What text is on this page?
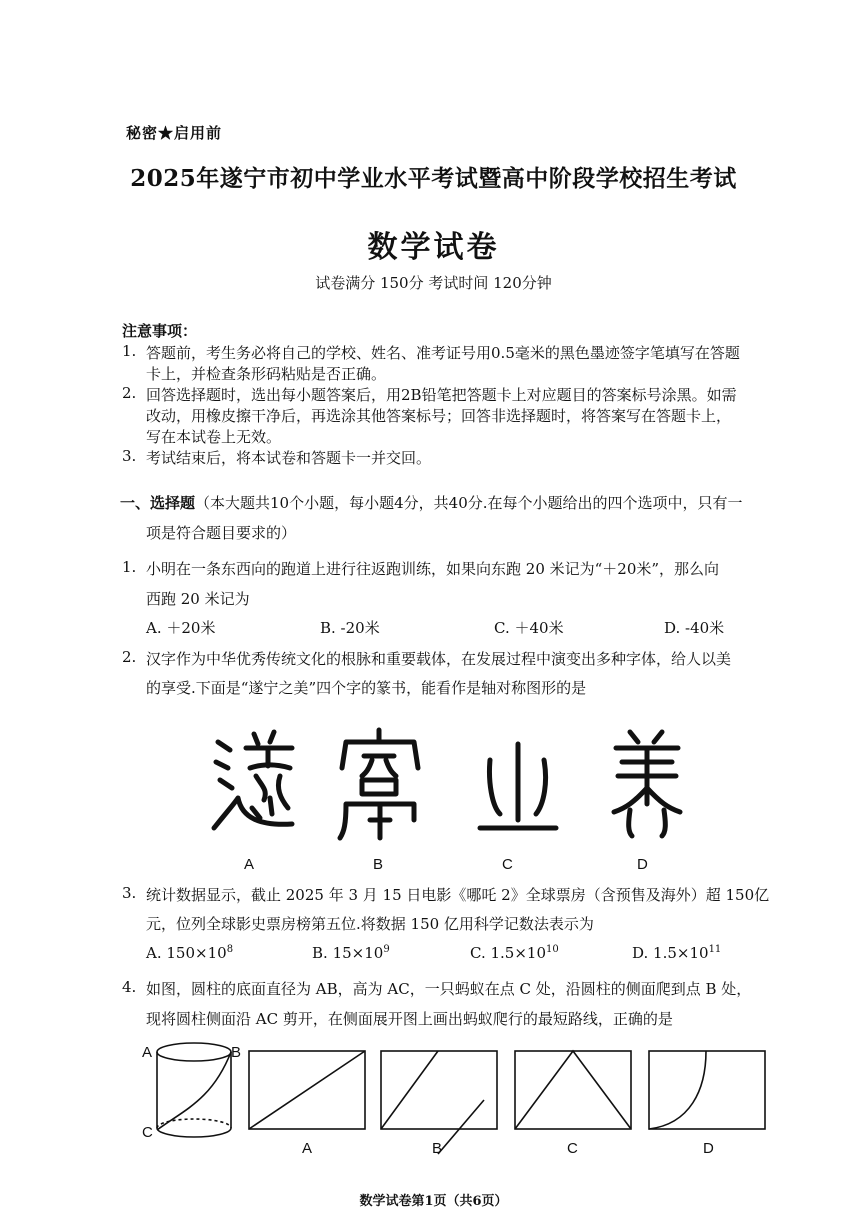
秘密★启用前
2025年遂宁市初中学业水平考试暨高中阶段学校招生考试
数学试卷
试卷满分 150分 考试时间 120分钟
注意事项：
1. 答题前，考生务必将自己的学校、姓名、准考证号用0.5毫米的黑色墨迹签字笔填写在答题
卡上，并检查条形码粘贴是否正确。
2. 回答选择题时，选出每小题答案后，用2B铅笔把答题卡上对应题目的答案标号涂黑。如需
改动，用橡皮擦干净后，再选涂其他答案标号；回答非选择题时，将答案写在答题卡上，
写在本试卷上无效。
3. 考试结束后，将本试卷和答题卡一并交回。
一、选择题（本大题共10个小题，每小题4分，共40分.在每个小题给出的四个选项中，只有一
项是符合题目要求的）
1. 小明在一条东西向的跑道上进行往返跑训练，如果向东跑 20 米记为“＋20米”，那么向
西跑 20 米记为
A. ＋20米	B. -20米	C. ＋40米	D. -40米
2. 汉字作为中华优秀传统文化的根脉和重要载体，在发展过程中演变出多种字体，给人以美
的享受.下面是“遂宁之美”四个字的篆书，能看作是轴对称图形的是
A	B	C	D
3. 统计数据显示，截止 2025 年 3 月 15 日电影《哪吒 2》全球票房（含预售及海外）超 150亿
元，位列全球影史票房榜第五位.将数据 150 亿用科学记数法表示为
A. $150\times 10^8$	B. $15\times 10^9$	C. $1.5\times 10^{10}$	D. $1.5\times 10^{11}$
4. 如图，圆柱的底面直径为 AB，高为 AC，一只蚂蚁在点 C 处，沿圆柱的侧面爬到点 B 处，
现将圆柱侧面沿 AC 剪开，在侧面展开图上画出蚂蚁爬行的最短路线，正确的是
A	B
C
A	B	C	D
数学试卷第1页（共6页）
